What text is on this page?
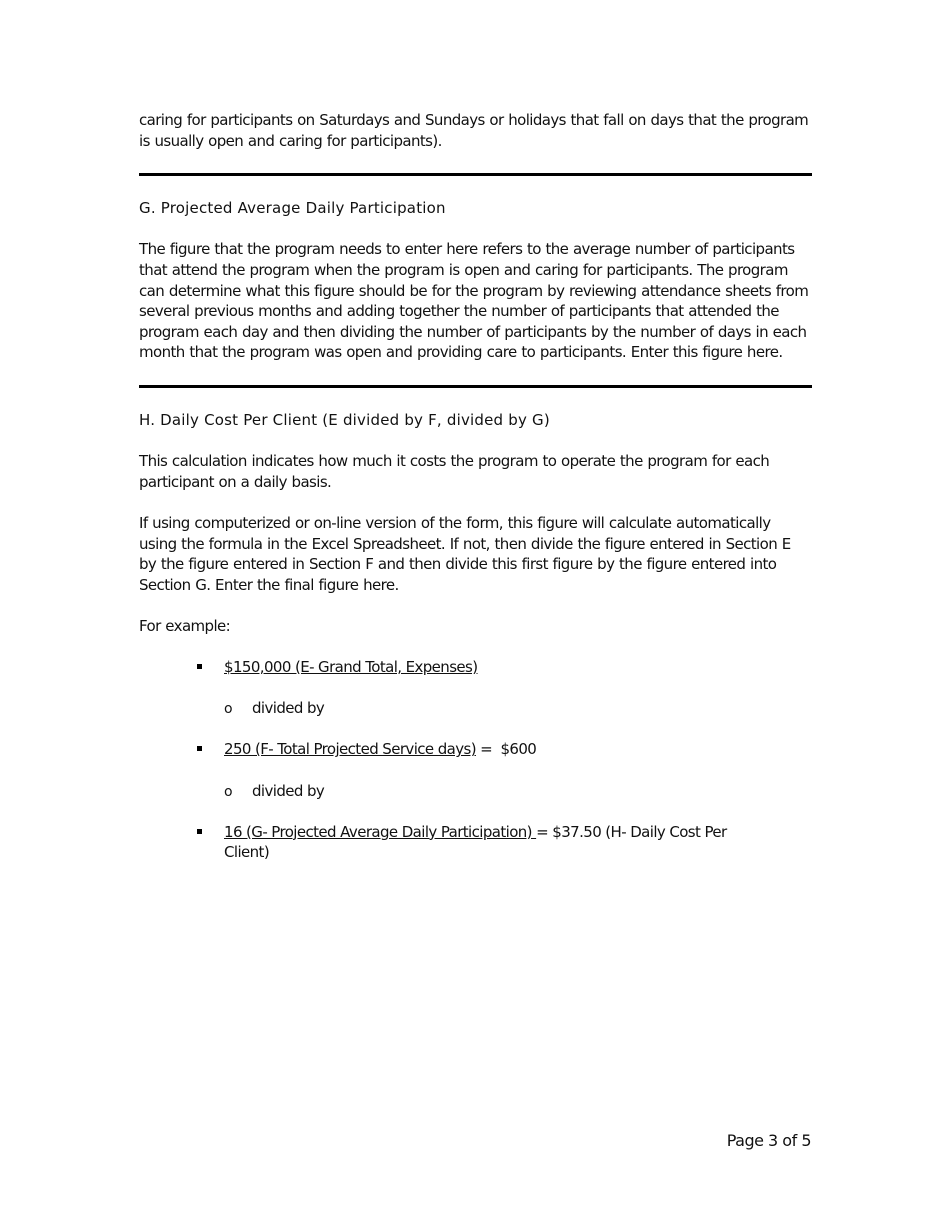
caring for participants on Saturdays and Sundays or holidays that fall on days that the program is usually open and caring for participants).

G. Projected Average Daily Participation

The figure that the program needs to enter here refers to the average number of participants that attend the program when the program is open and caring for participants. The program can determine what this figure should be for the program by reviewing attendance sheets from several previous months and adding together the number of participants that attended the program each day and then dividing the number of participants by the number of days in each month that the program was open and providing care to participants. Enter this figure here.

H. Daily Cost Per Client (E divided by F, divided by G)

This calculation indicates how much it costs the program to operate the program for each participant on a daily basis.

If using computerized or on-line version of the form, this figure will calculate automatically using the formula in the Excel Spreadsheet. If not, then divide the figure entered in Section E by the figure entered in Section F and then divide this first figure by the figure entered into Section G. Enter the final figure here.

For example:

$150,000 (E- Grand Total, Expenses)
o divided by
250 (F- Total Projected Service days) =  $600
o divided by
16 (G- Projected Average Daily Participation) = $37.50 (H- Daily Cost Per Client)
Page 3 of 5
